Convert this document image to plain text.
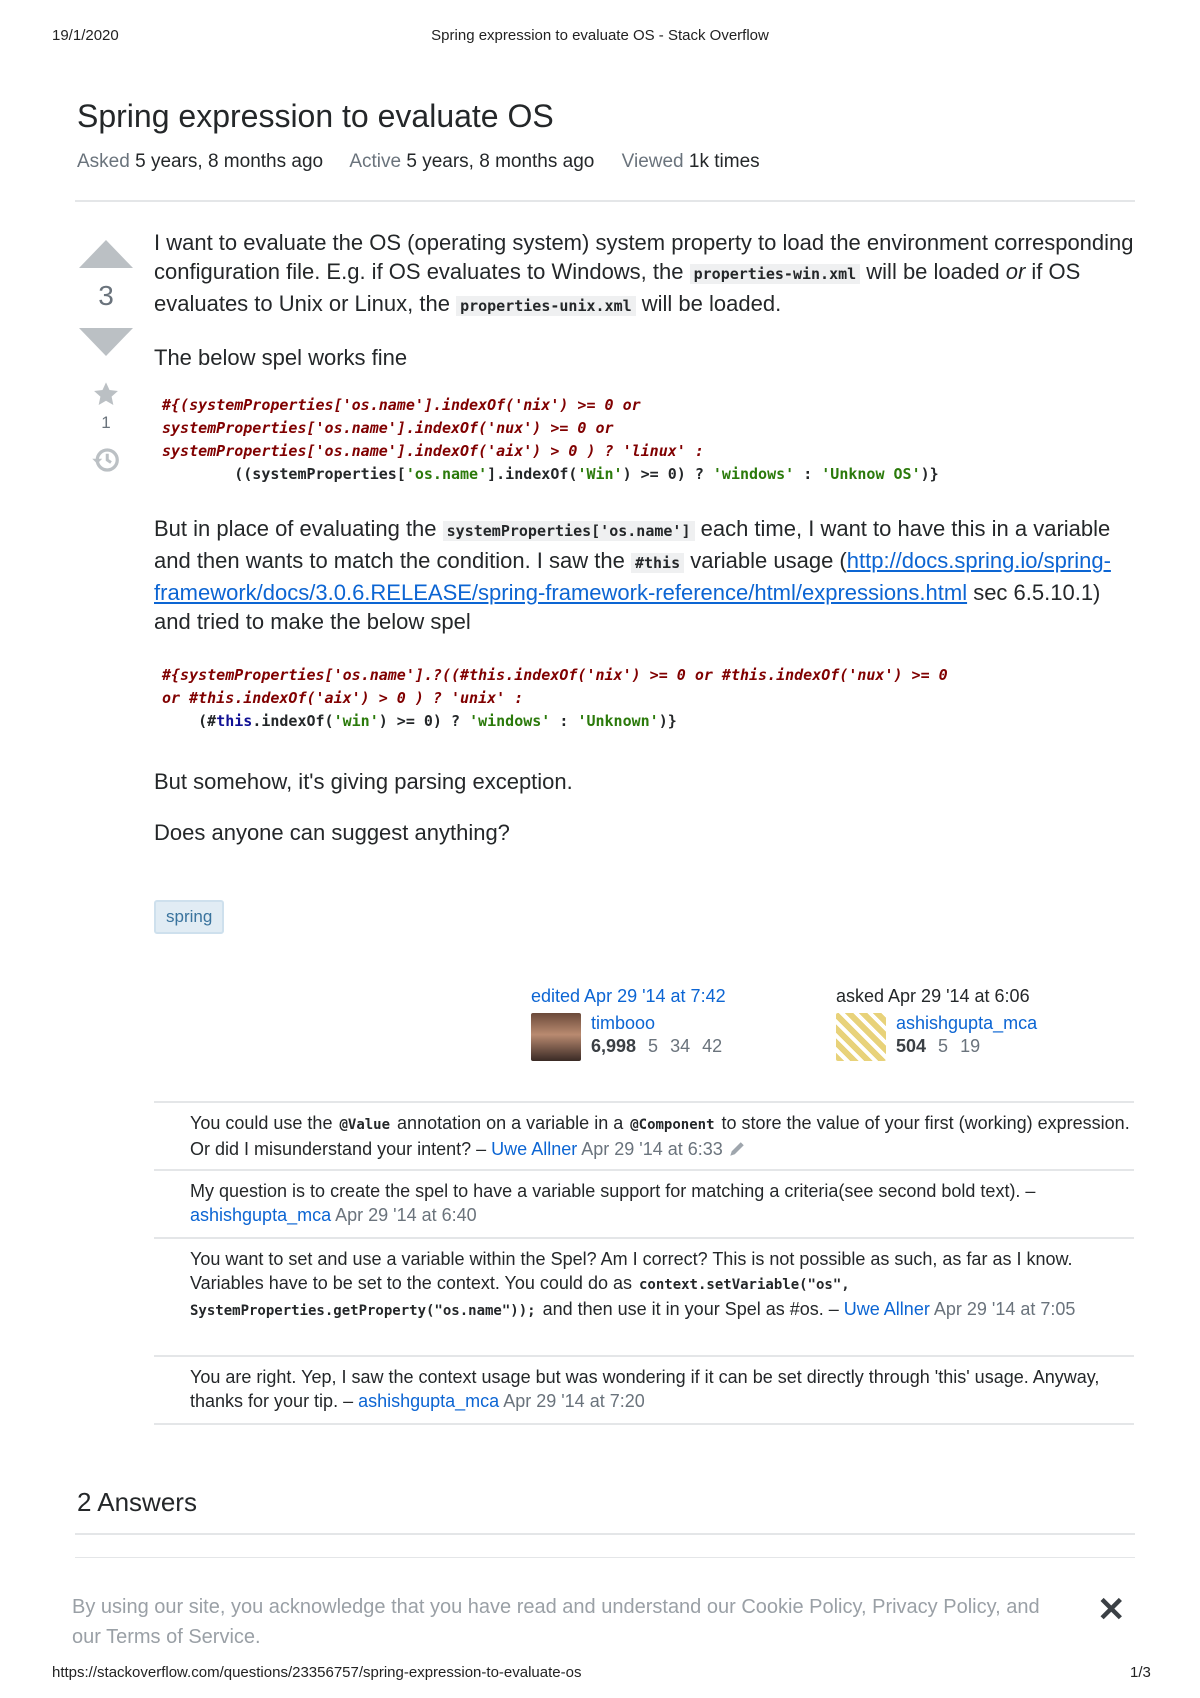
19/1/2020	Spring expression to evaluate OS - Stack Overflow
Spring expression to evaluate OS
Asked 5 years, 8 months ago Active 5 years, 8 months ago Viewed 1k times
3
1

I want to evaluate the OS (operating system) system property to load the environment corresponding configuration file. E.g. if OS evaluates to Windows, the properties-win.xml will be loaded or if OS evaluates to Unix or Linux, the properties-unix.xml will be loaded.

The below spel works fine

#{(systemProperties['os.name'].indexOf('nix') >= 0 or
systemProperties['os.name'].indexOf('nux') >= 0 or
systemProperties['os.name'].indexOf('aix') > 0 ) ? 'linux' :
((systemProperties['os.name'].indexOf('Win') >= 0) ? 'windows' : 'Unknow OS')}

But in place of evaluating the systemProperties['os.name'] each time, I want to have this in a variable and then wants to match the condition. I saw the #this variable usage (http://docs.spring.io/spring-framework/docs/3.0.6.RELEASE/spring-framework-reference/html/expressions.html sec 6.5.10.1) and tried to make the below spel

#{systemProperties['os.name'].?((#this.indexOf('nix') >= 0 or #this.indexOf('nux') >= 0
or #this.indexOf('aix') > 0 ) ? 'unix' :
(#this.indexOf('win') >= 0) ? 'windows' : 'Unknown')}

But somehow, it's giving parsing exception.

Does anyone can suggest anything?

spring
edited Apr 29 '14 at 7:42
timbooo
6,998 5 34 42
asked Apr 29 '14 at 6:06
ashishgupta_mca
504 5 19
You could use the @Value annotation on a variable in a @Component to store the value of your first (working) expression. Or did I misunderstand your intent? – Uwe Allner Apr 29 '14 at 6:33
My question is to create the spel to have a variable support for matching a criteria(see second bold text). – ashishgupta_mca Apr 29 '14 at 6:40
You want to set and use a variable within the Spel? Am I correct? This is not possible as such, as far as I know. Variables have to be set to the context. You could do as context.setVariable("os", SystemProperties.getProperty("os.name")); and then use it in your Spel as #os. – Uwe Allner Apr 29 '14 at 7:05
You are right. Yep, I saw the context usage but was wondering if it can be set directly through 'this' usage. Anyway, thanks for your tip. – ashishgupta_mca Apr 29 '14 at 7:20
2 Answers
By using our site, you acknowledge that you have read and understand our Cookie Policy, Privacy Policy, and our Terms of Service.
✕
https://stackoverflow.com/questions/23356757/spring-expression-to-evaluate-os	1/3
